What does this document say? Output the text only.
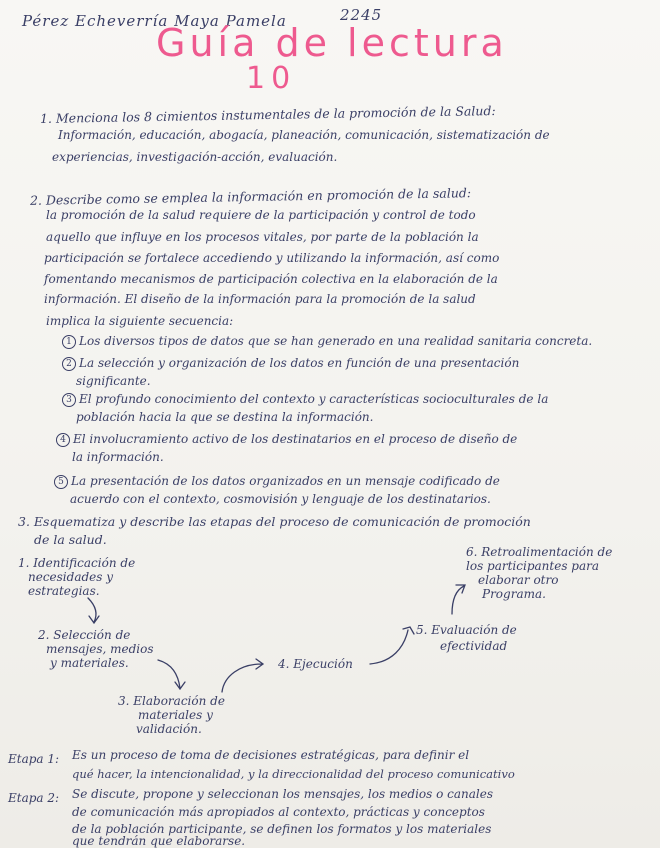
Pérez Echeverría Maya Pamela	2245
Guía de lectura
10
1. Menciona los 8 cimientos instumentales de la promoción de la Salud:
Información, educación, abogacía, planeación, comunicación, sistematización de
experiencias, investigación-acción, evaluación.
2. Describe como se emplea la información en promoción de la salud:
la promoción de la salud requiere de la participación y control de todo
aquello que influye en los procesos vitales, por parte de la población la
participación se fortalece accediendo y utilizando la información, así como
fomentando mecanismos de participación colectiva en la elaboración de la
información. El diseño de la información para la promoción de la salud
implica la siguiente secuencia:
1 Los diversos tipos de datos que se han generado en una realidad sanitaria concreta.
2 La selección y organización de los datos en función de una presentación
significante.
3 El profundo conocimiento del contexto y características socioculturales de la
población hacia la que se destina la información.
4 El involucramiento activo de los destinatarios en el proceso de diseño de
la información.
5 La presentación de los datos organizados en un mensaje codificado de
acuerdo con el contexto, cosmovisión y lenguaje de los destinatarios.
3. Esquematiza y describe las etapas del proceso de comunicación de promoción
de la salud.
1. Identificación de
necesidades y
estrategias.
2. Selección de
mensajes, medios
y materiales.
3. Elaboración de
materiales y
validación.
4. Ejecución
5. Evaluación de
efectividad
6. Retroalimentación de
los participantes para
elaborar otro
Programa.
Etapa 1: Es un proceso de toma de decisiones estratégicas, para definir el
qué hacer, la intencionalidad, y la direccionalidad del proceso comunicativo
Etapa 2: Se discute, propone y seleccionan los mensajes, los medios o canales
de comunicación más apropiados al contexto, prácticas y conceptos
de la población participante, se definen los formatos y los materiales
que tendrán que elaborarse.
